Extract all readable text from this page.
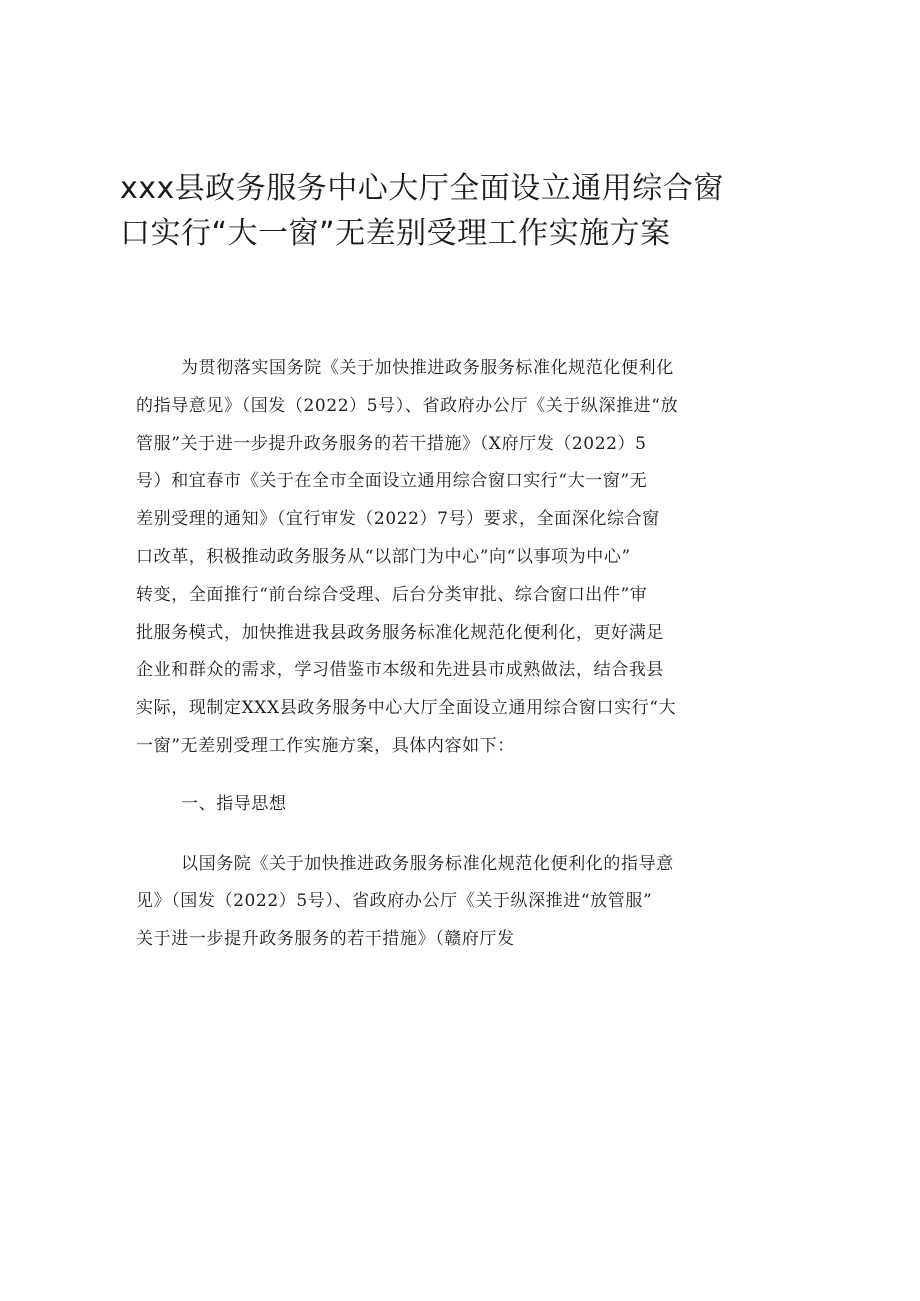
xxx县政务服务中心大厅全面设立通用综合窗
口实行“大一窗”无差别受理工作实施方案
为贯彻落实国务院《关于加快推进政务服务标准化规范化便利化
的指导意见》（国发（2022）5号）、省政府办公厅《关于纵深推进“放
管服”关于进一步提升政务服务的若干措施》（X府厅发（2022）5
号）和宜春市《关于在全市全面设立通用综合窗口实行“大一窗”无
差别受理的通知》（宜行审发（2022）7号）要求，全面深化综合窗
口改革，积极推动政务服务从“以部门为中心”向“以事项为中心”
转变，全面推行“前台综合受理、后台分类审批、综合窗口出件”审
批服务模式，加快推进我县政务服务标准化规范化便利化，更好满足
企业和群众的需求，学习借鉴市本级和先进县市成熟做法，结合我县
实际，现制定XXX县政务服务中心大厅全面设立通用综合窗口实行“大
一窗”无差别受理工作实施方案，具体内容如下：
一、指导思想
以国务院《关于加快推进政务服务标准化规范化便利化的指导意
见》（国发（2022）5号）、省政府办公厅《关于纵深推进“放管服”
关于进一步提升政务服务的若干措施》（赣府厅发
